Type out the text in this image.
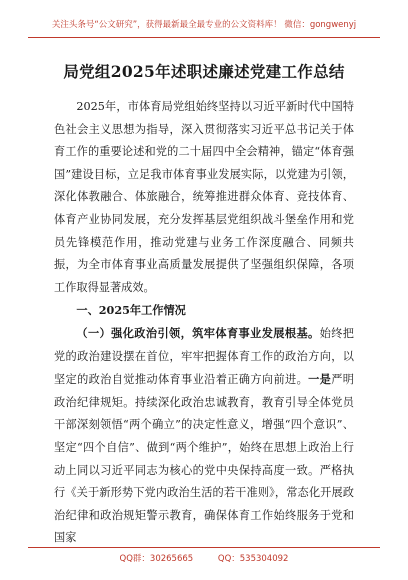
关注头条号“公文研究”，获得最新最全最专业的公文资料库！ 微信：gongwenyj
局党组2025年述职述廉述党建工作总结

2025年，市体育局党组始终坚持以习近平新时代中国特色社会主义思想为指导，深入贯彻落实习近平总书记关于体育工作的重要论述和党的二十届四中全会精神，锚定“体育强国”建设目标，立足我市体育事业发展实际，以党建为引领，深化体教融合、体旅融合，统筹推进群众体育、竞技体育、体育产业协同发展，充分发挥基层党组织战斗堡垒作用和党员先锋模范作用，推动党建与业务工作深度融合、同频共振，为全市体育事业高质量发展提供了坚强组织保障，各项工作取得显著成效。

一、2025年工作情况

（一）强化政治引领，筑牢体育事业发展根基。始终把党的政治建设摆在首位，牢牢把握体育工作的政治方向，以坚定的政治自觉推动体育事业沿着正确方向前进。一是严明政治纪律规矩。持续深化政治忠诚教育，教育引导全体党员干部深刻领悟“两个确立”的决定性意义，增强“四个意识”、坚定“四个自信”、做到“两个维护”，始终在思想上政治上行动上同以习近平同志为核心的党中央保持高度一致。严格执行《关于新形势下党内政治生活的若干准则》，常态化开展政治纪律和政治规矩警示教育，确保体育工作始终服务于党和国家

QQ群：30265665	QQ：535304092
